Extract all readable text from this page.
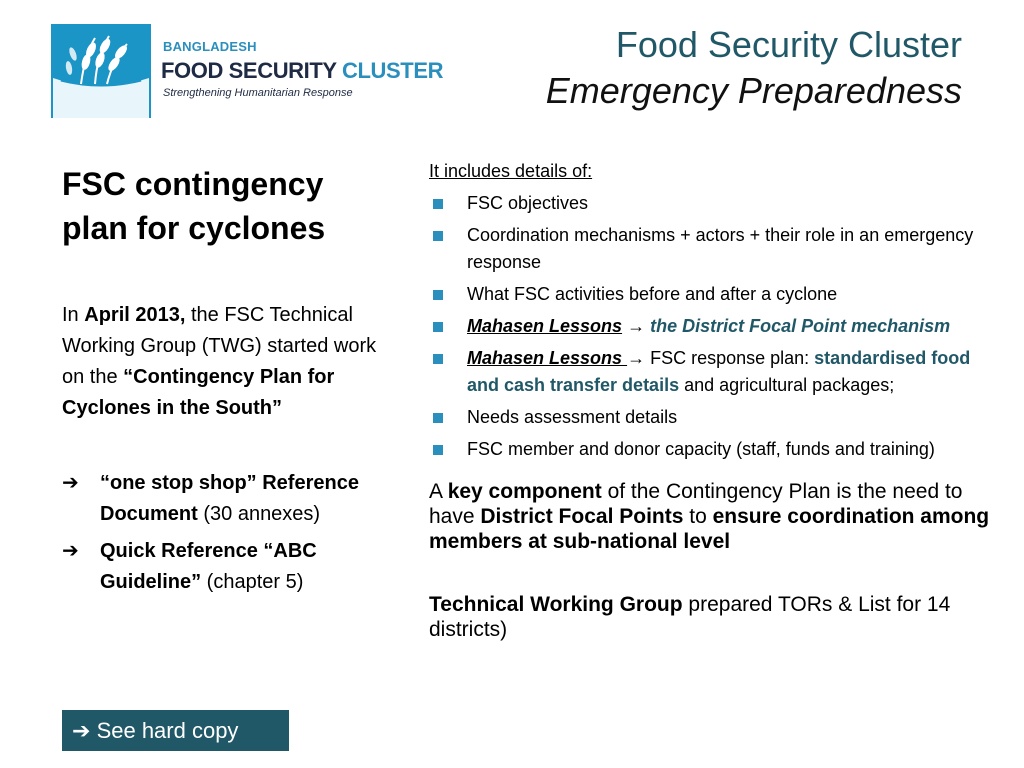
BANGLADESH
FOOD SECURITY CLUSTER
Strengthening Humanitarian Response
Food Security Cluster
Emergency Preparedness
FSC contingency plan for cyclones
In April 2013, the FSC Technical Working Group (TWG) started work on the “Contingency Plan for Cyclones in the South”
➔ “one stop shop” Reference Document (30 annexes)
➔ Quick Reference “ABC Guideline” (chapter 5)
➔ See hard copy
It includes details of:
FSC objectives
Coordination mechanisms + actors + their role in an emergency response
What FSC activities before and after a cyclone
Mahasen Lessons → the District Focal Point mechanism
Mahasen Lessons → FSC response plan: standardised food and cash transfer details and agricultural packages;
Needs assessment details
FSC member and donor capacity (staff, funds and training)
A key component of the Contingency Plan is the need to have District Focal Points to ensure coordination among members at sub-national level
Technical Working Group prepared TORs & List for 14 districts)
